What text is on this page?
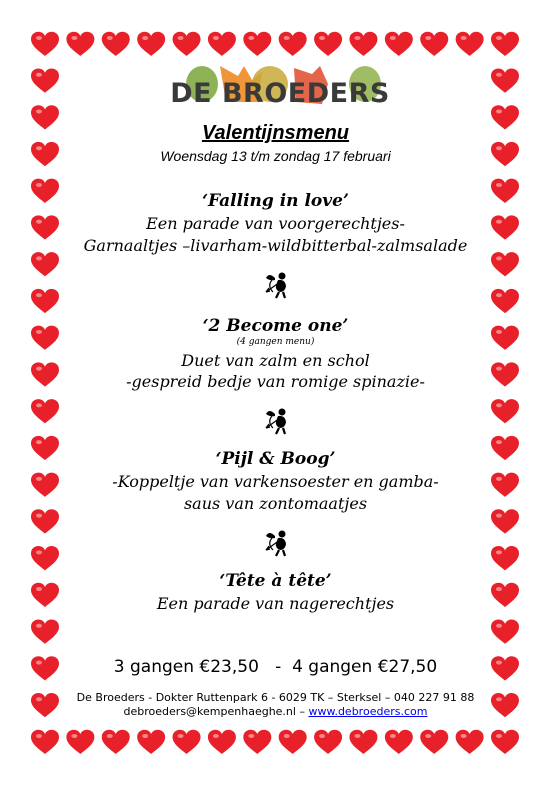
DE BROEDERS
Valentijnsmenu
Woensdag 13 t/m zondag 17 februari
‘Falling in love’
Een parade van voorgerechtjes-
Garnaaltjes –livarham-wildbitterbal-zalmsalade
‘2 Become one’
(4 gangen menu)
Duet van zalm en schol
-gespreid bedje van romige spinazie-
‘Pijl & Boog’
-Koppeltje van varkensoester en gamba-
saus van zontomaatjes
‘Tête à tête’
Een parade van nagerechtjes
3 gangen €23,50   -  4 gangen €27,50
De Broeders - Dokter Ruttenpark 6 - 6029 TK – Sterksel – 040 227 91 88
debroeders@kempenhaeghe.nl – www.debroeders.com
